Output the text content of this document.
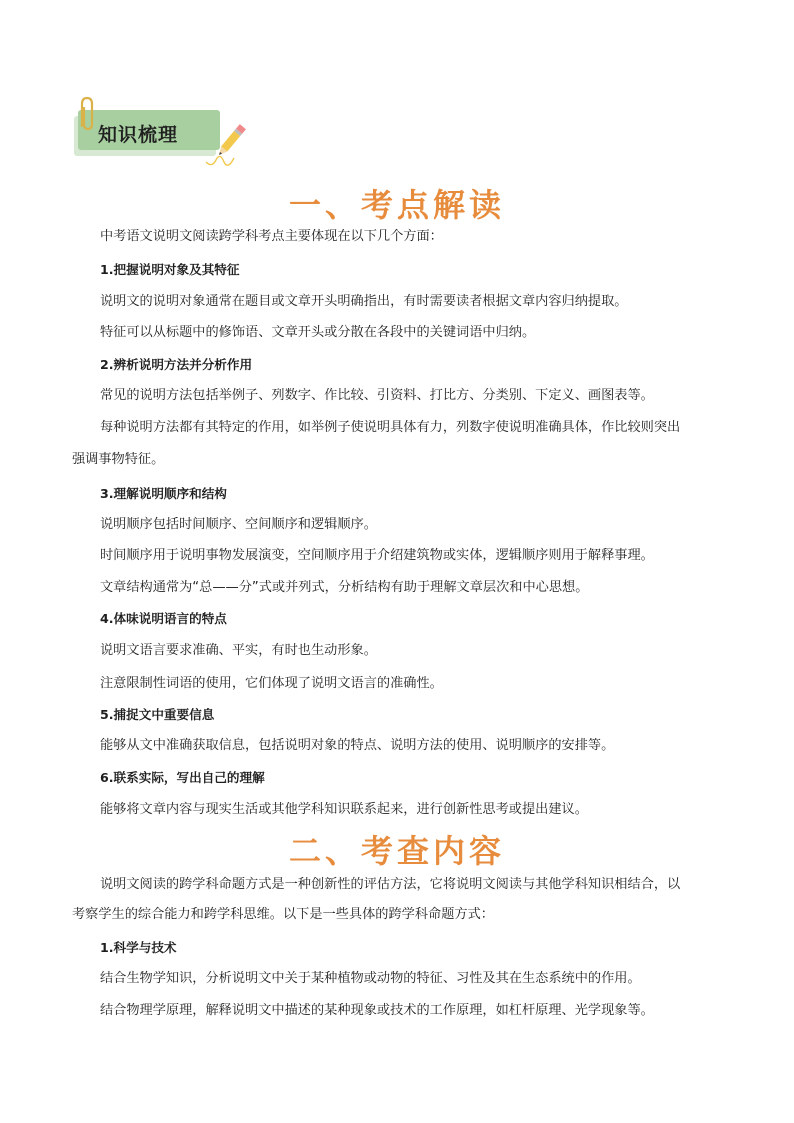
知识梳理
一、考点解读
中考语文说明文阅读跨学科考点主要体现在以下几个方面：
1.把握说明对象及其特征
说明文的说明对象通常在题目或文章开头明确指出，有时需要读者根据文章内容归纳提取。
特征可以从标题中的修饰语、文章开头或分散在各段中的关键词语中归纳。
2.辨析说明方法并分析作用
常见的说明方法包括举例子、列数字、作比较、引资料、打比方、分类别、下定义、画图表等。
每种说明方法都有其特定的作用，如举例子使说明具体有力，列数字使说明准确具体，作比较则突出
强调事物特征。
3.理解说明顺序和结构
说明顺序包括时间顺序、空间顺序和逻辑顺序。
时间顺序用于说明事物发展演变，空间顺序用于介绍建筑物或实体，逻辑顺序则用于解释事理。
文章结构通常为“总——分”式或并列式，分析结构有助于理解文章层次和中心思想。
4.体味说明语言的特点
说明文语言要求准确、平实，有时也生动形象。
注意限制性词语的使用，它们体现了说明文语言的准确性。
5.捕捉文中重要信息
能够从文中准确获取信息，包括说明对象的特点、说明方法的使用、说明顺序的安排等。
6.联系实际，写出自己的理解
能够将文章内容与现实生活或其他学科知识联系起来，进行创新性思考或提出建议。
二、考查内容
说明文阅读的跨学科命题方式是一种创新性的评估方法，它将说明文阅读与其他学科知识相结合，以
考察学生的综合能力和跨学科思维。以下是一些具体的跨学科命题方式：
1.科学与技术
结合生物学知识，分析说明文中关于某种植物或动物的特征、习性及其在生态系统中的作用。
结合物理学原理，解释说明文中描述的某种现象或技术的工作原理，如杠杆原理、光学现象等。
